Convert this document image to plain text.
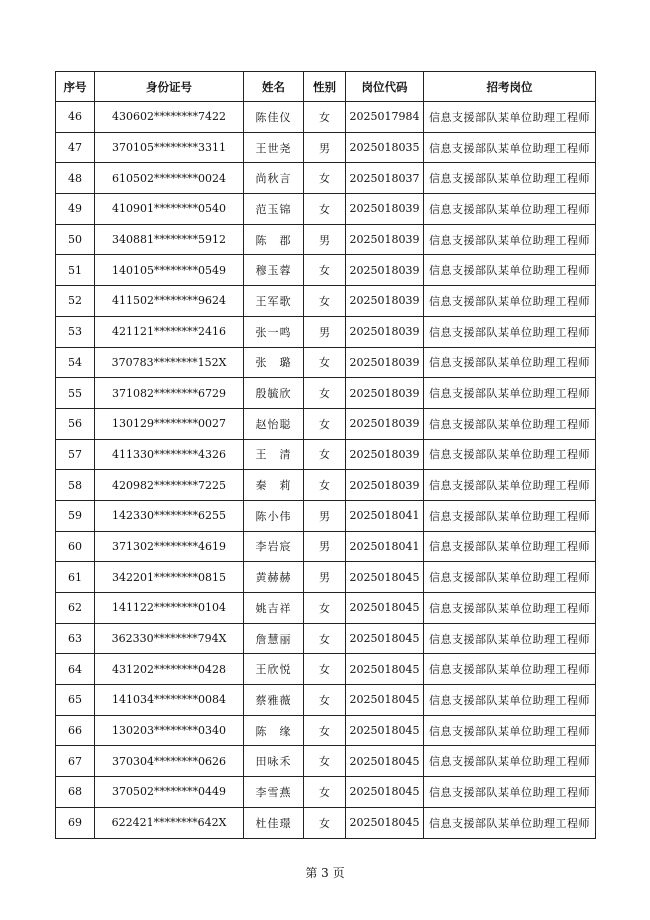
序号	身份证号	姓名	性别	岗位代码	招考岗位
46	430602********7422	陈佳仪	女	2025017984	信息支援部队某单位助理工程师
47	370105********3311	王世尧	男	2025018035	信息支援部队某单位助理工程师
48	610502********0024	尚秋言	女	2025018037	信息支援部队某单位助理工程师
49	410901********0540	范玉锦	女	2025018039	信息支援部队某单位助理工程师
50	340881********5912	陈　郡	男	2025018039	信息支援部队某单位助理工程师
51	140105********0549	穆玉蓉	女	2025018039	信息支援部队某单位助理工程师
52	411502********9624	王军歌	女	2025018039	信息支援部队某单位助理工程师
53	421121********2416	张一鸣	男	2025018039	信息支援部队某单位助理工程师
54	370783********152X	张　璐	女	2025018039	信息支援部队某单位助理工程师
55	371082********6729	殷毓欣	女	2025018039	信息支援部队某单位助理工程师
56	130129********0027	赵怡聪	女	2025018039	信息支援部队某单位助理工程师
57	411330********4326	王　清	女	2025018039	信息支援部队某单位助理工程师
58	420982********7225	秦　莉	女	2025018039	信息支援部队某单位助理工程师
59	142330********6255	陈小伟	男	2025018041	信息支援部队某单位助理工程师
60	371302********4619	李岩宸	男	2025018041	信息支援部队某单位助理工程师
61	342201********0815	黄赫赫	男	2025018045	信息支援部队某单位助理工程师
62	141122********0104	姚吉祥	女	2025018045	信息支援部队某单位助理工程师
63	362330********794X	詹慧丽	女	2025018045	信息支援部队某单位助理工程师
64	431202********0428	王欣悦	女	2025018045	信息支援部队某单位助理工程师
65	141034********0084	蔡雅薇	女	2025018045	信息支援部队某单位助理工程师
66	130203********0340	陈　缘	女	2025018045	信息支援部队某单位助理工程师
67	370304********0626	田咏禾	女	2025018045	信息支援部队某单位助理工程师
68	370502********0449	李雪燕	女	2025018045	信息支援部队某单位助理工程师
69	622421********642X	杜佳璟	女	2025018045	信息支援部队某单位助理工程师
第 3 页
